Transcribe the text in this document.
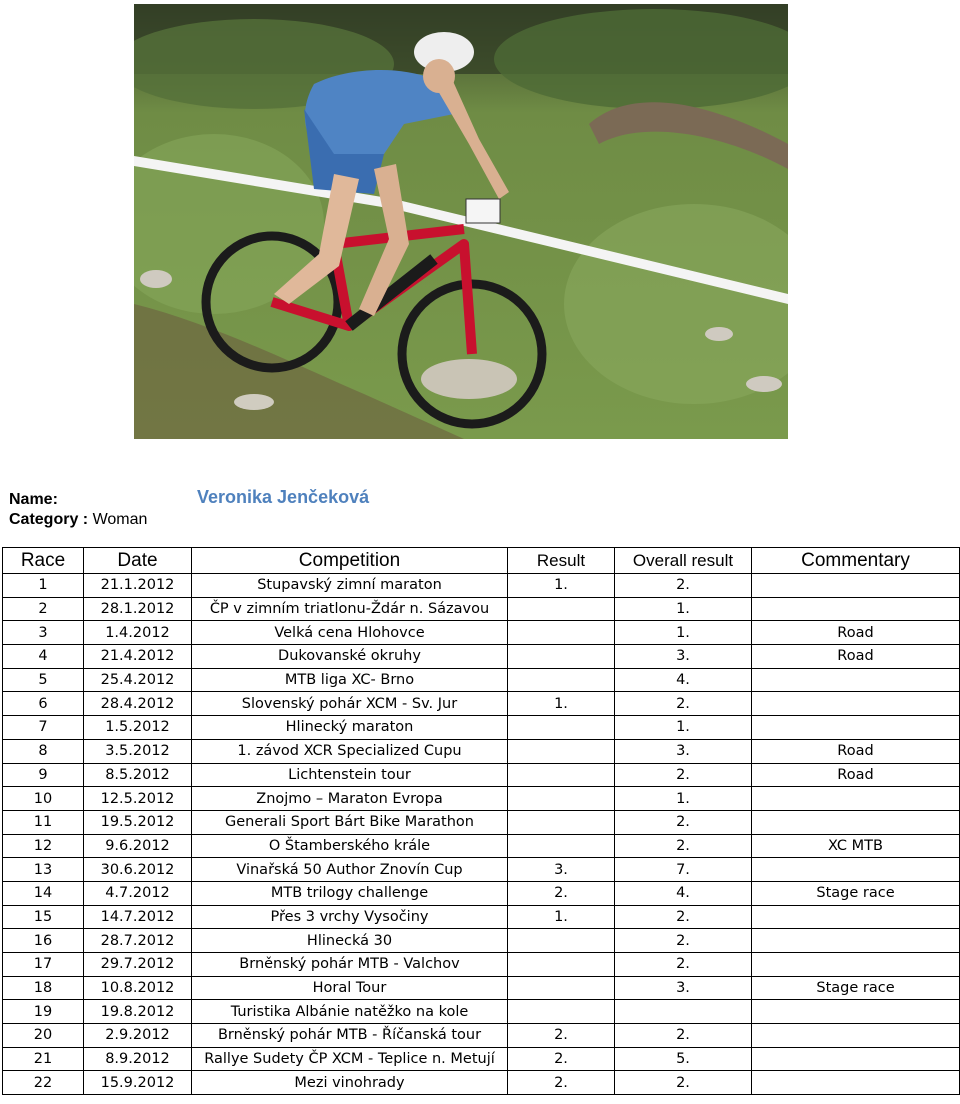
Name:	Veronika Jenčeková
Category : Woman
Race	Date	Competition	Result	Overall result	Commentary
1	21.1.2012	Stupavský zimní maraton	1.	2.	
2	28.1.2012	ČP v zimním triatlonu-Ždár n. Sázavou		1.	
3	1.4.2012	Velká cena Hlohovce		1.	Road
4	21.4.2012	Dukovanské okruhy		3.	Road
5	25.4.2012	MTB liga XC- Brno		4.	
6	28.4.2012	Slovenský pohár XCM - Sv. Jur	1.	2.	
7	1.5.2012	Hlinecký maraton		1.	
8	3.5.2012	1. závod XCR Specialized Cupu		3.	Road
9	8.5.2012	Lichtenstein tour		2.	Road
10	12.5.2012	Znojmo – Maraton Evropa		1.	
11	19.5.2012	Generali Sport Bárt Bike Marathon		2.	
12	9.6.2012	O Štamberského krále		2.	XC MTB
13	30.6.2012	Vinařská 50 Author Znovín Cup	3.	7.	
14	4.7.2012	MTB trilogy challenge	2.	4.	Stage race
15	14.7.2012	Přes 3 vrchy Vysočiny	1.	2.	
16	28.7.2012	Hlinecká 30		2.	
17	29.7.2012	Brněnský pohár MTB - Valchov		2.	
18	10.8.2012	Horal Tour		3.	Stage race
19	19.8.2012	Turistika Albánie natěžko na kole			
20	2.9.2012	Brněnský pohár MTB - Říčanská tour	2.	2.	
21	8.9.2012	Rallye Sudety ČP XCM - Teplice n. Metují	2.	5.	
22	15.9.2012	Mezi vinohrady	2.	2.	
